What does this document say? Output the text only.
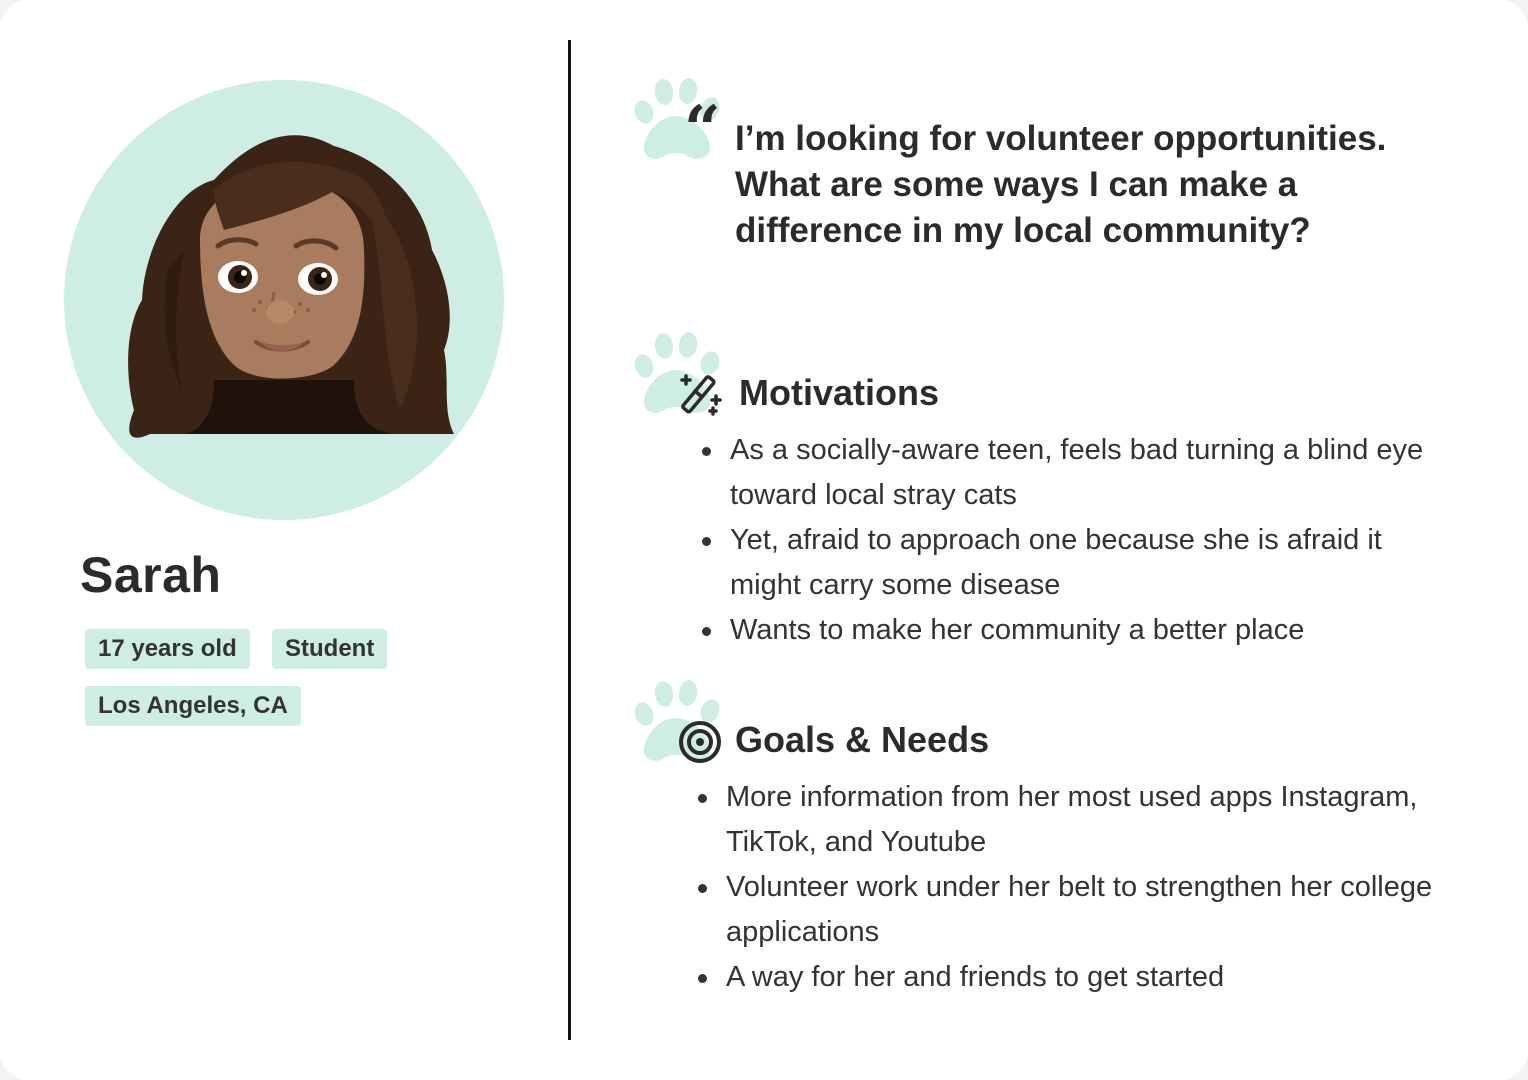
Sarah
17 years old	Student
Los Angeles, CA
“ I’m looking for volunteer opportunities. What are some ways I can make a difference in my local community?
Motivations
As a socially-aware teen, feels bad turning a blind eye toward local stray cats
Yet, afraid to approach one because she is afraid it might carry some disease
Wants to make her community a better place
Goals & Needs
More information from her most used apps Instagram, TikTok, and Youtube
Volunteer work under her belt to strengthen her college applications
A way for her and friends to get started
